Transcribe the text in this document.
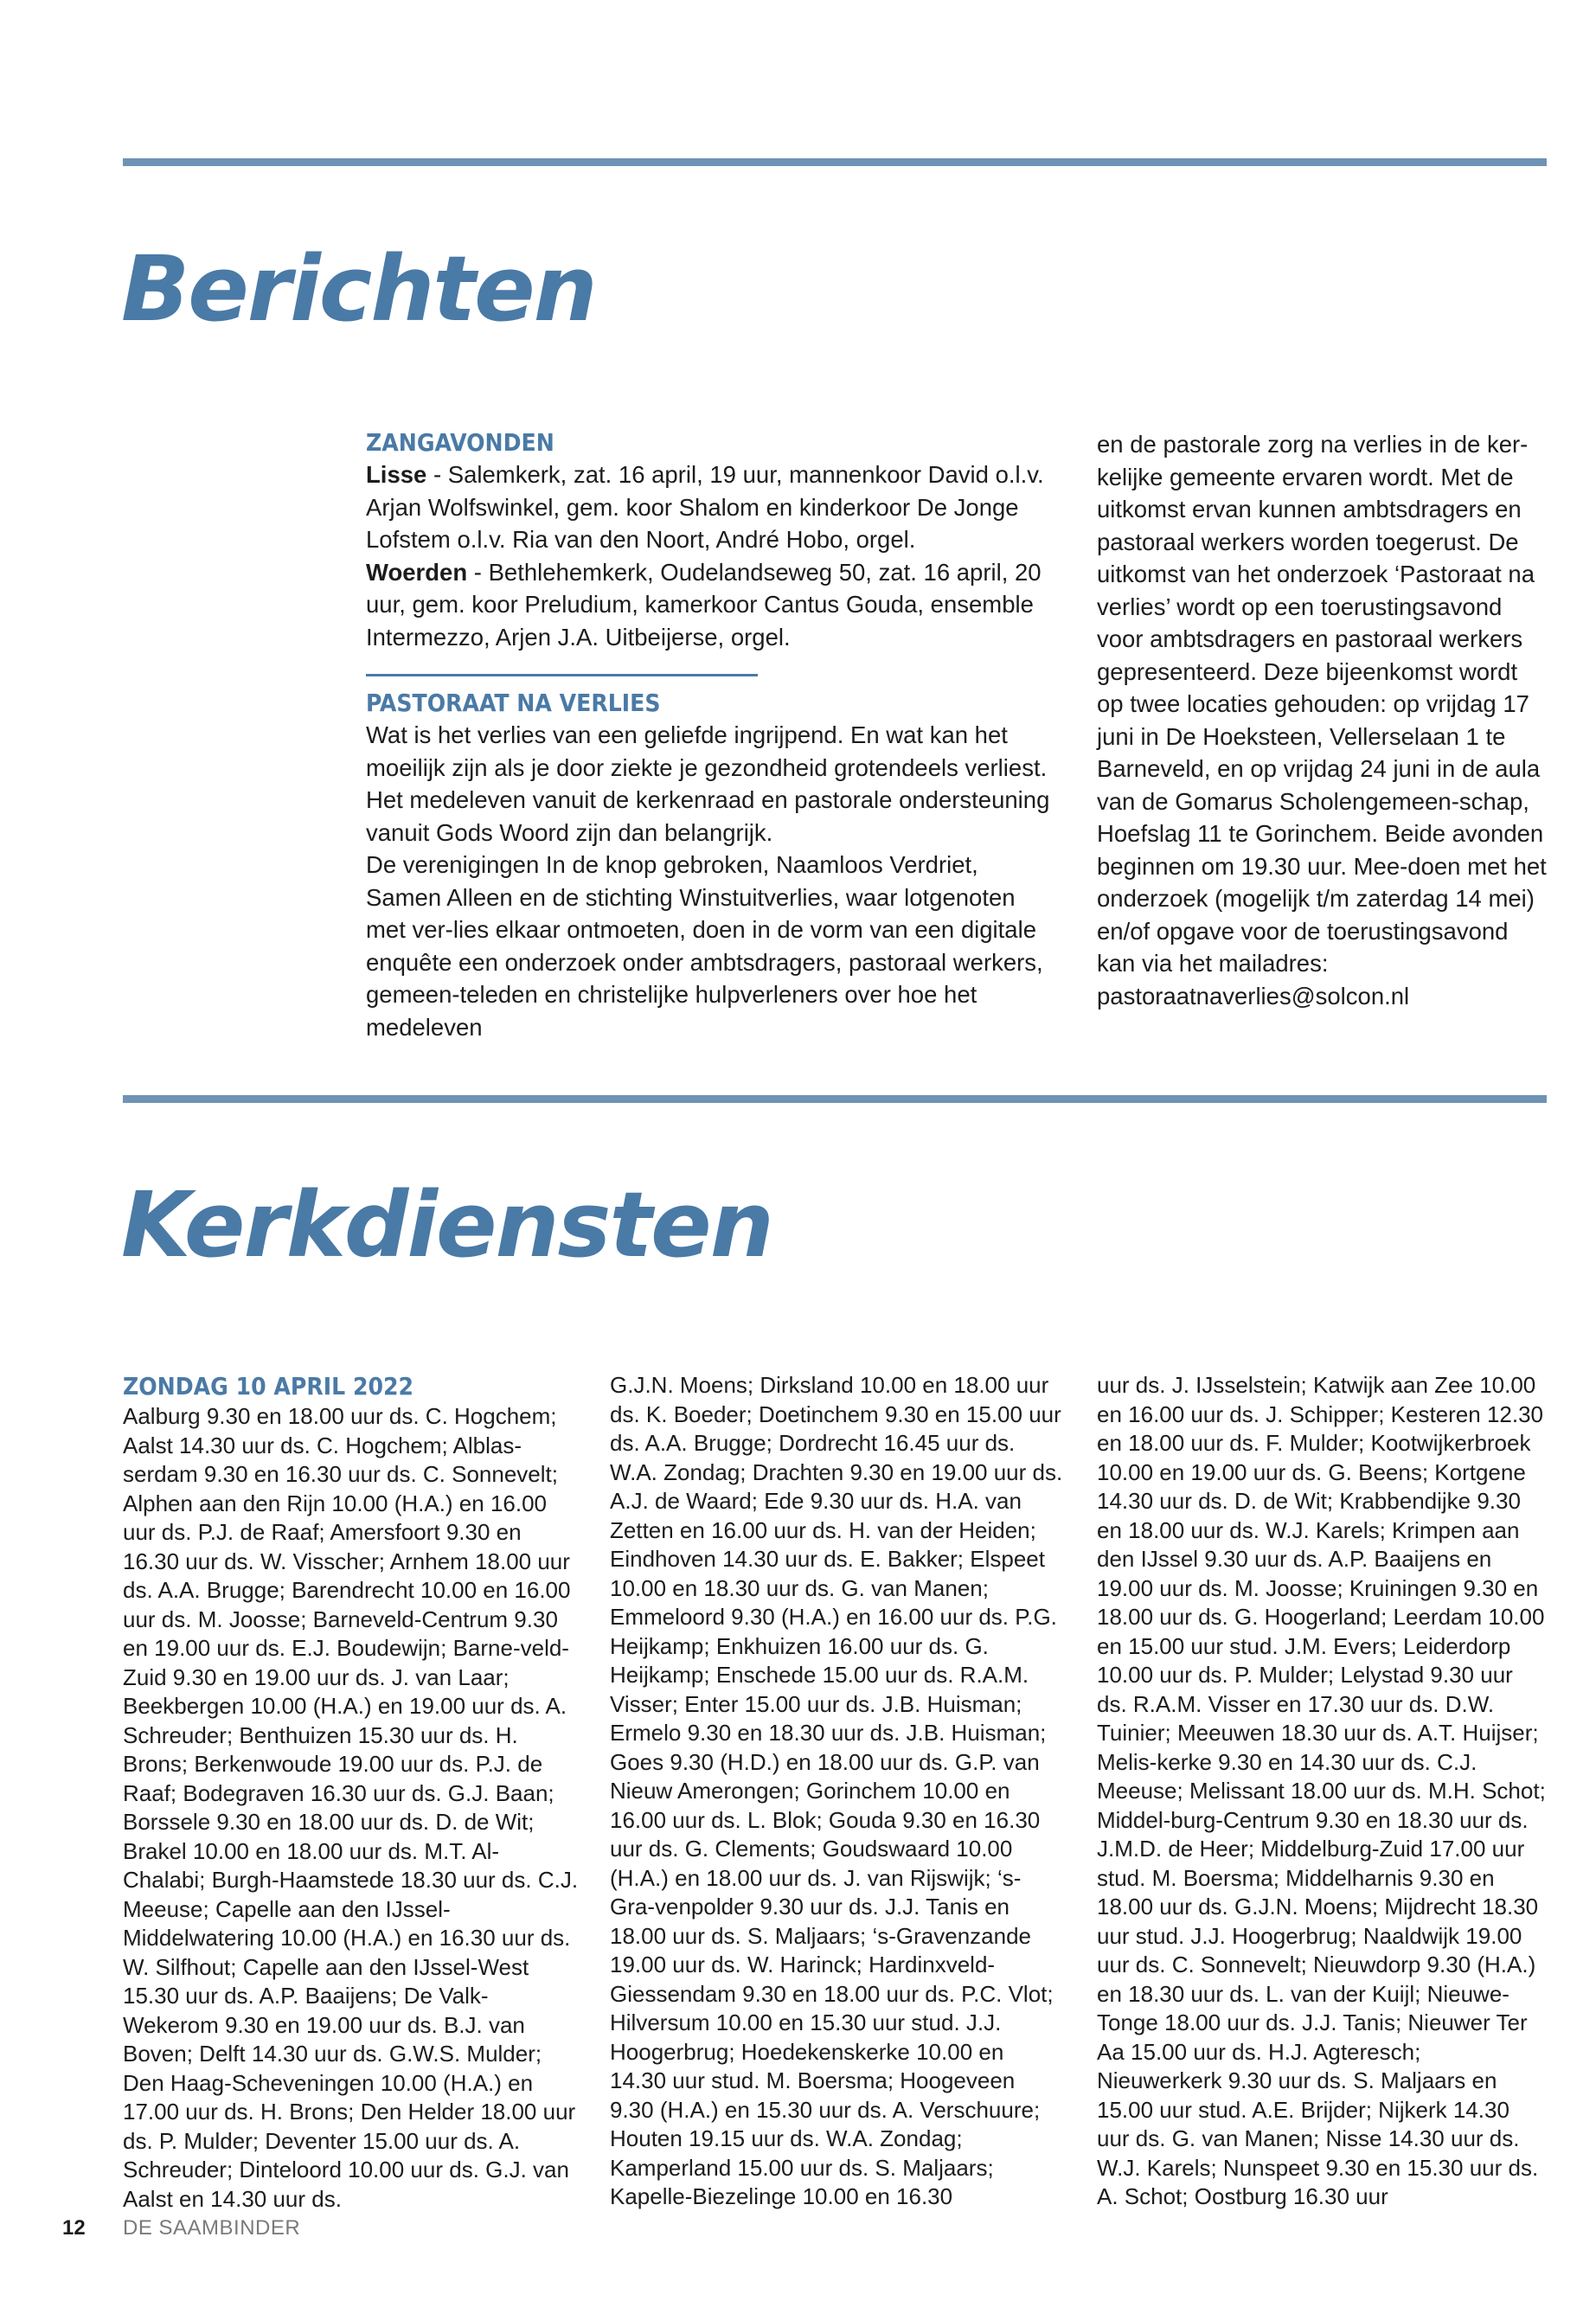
Berichten
ZANGAVONDEN

Lisse - Salemkerk, zat. 16 april, 19 uur, mannenkoor David o.l.v. Arjan Wolfswinkel, gem. koor Shalom en kinderkoor De Jonge Lofstem o.l.v. Ria van den Noort, André Hobo, orgel.

Woerden - Bethlehemkerk, Oudelandseweg 50, zat. 16 april, 20 uur, gem. koor Preludium, kamerkoor Cantus Gouda, ensemble Intermezzo, Arjen J.A. Uitbeijerse, orgel.

PASTORAAT NA VERLIES

Wat is het verlies van een geliefde ingrijpend. En wat kan het moeilijk zijn als je door ziekte je gezondheid grotendeels verliest. Het medeleven vanuit de kerkenraad en pastorale ondersteuning vanuit Gods Woord zijn dan belangrijk.

De verenigingen In de knop gebroken, Naamloos Verdriet, Samen Alleen en de stichting Winstuitverlies, waar lotgenoten met ver-lies elkaar ontmoeten, doen in de vorm van een digitale enquête een onderzoek onder ambtsdragers, pastoraal werkers, gemeen-teleden en christelijke hulpverleners over hoe het medeleven

en de pastorale zorg na verlies in de ker-kelijke gemeente ervaren wordt. Met de uitkomst ervan kunnen ambtsdragers en pastoraal werkers worden toegerust. De uitkomst van het onderzoek ‘Pastoraat na verlies’ wordt op een toerustingsavond voor ambtsdragers en pastoraal werkers gepresenteerd. Deze bijeenkomst wordt op twee locaties gehouden: op vrijdag 17 juni in De Hoeksteen, Vellerselaan 1 te Barneveld, en op vrijdag 24 juni in de aula van de Gomarus Scholengemeen-schap, Hoefslag 11 te Gorinchem. Beide avonden beginnen om 19.30 uur. Mee-doen met het onderzoek (mogelijk t/m zaterdag 14 mei) en/of opgave voor de toerustingsavond kan via het mailadres: pastoraatnaverlies@solcon.nl

Kerkdiensten
ZONDAG 10 APRIL 2022

Aalburg 9.30 en 18.00 uur ds. C. Hogchem; Aalst 14.30 uur ds. C. Hogchem; Alblas-serdam 9.30 en 16.30 uur ds. C. Sonnevelt; Alphen aan den Rijn 10.00 (H.A.) en 16.00 uur ds. P.J. de Raaf; Amersfoort 9.30 en 16.30 uur ds. W. Visscher; Arnhem 18.00 uur ds. A.A. Brugge; Barendrecht 10.00 en 16.00 uur ds. M. Joosse; Barneveld-Centrum 9.30 en 19.00 uur ds. E.J. Boudewijn; Barne-veld-Zuid 9.30 en 19.00 uur ds. J. van Laar; Beekbergen 10.00 (H.A.) en 19.00 uur ds. A. Schreuder; Benthuizen 15.30 uur ds. H. Brons; Berkenwoude 19.00 uur ds. P.J. de Raaf; Bodegraven 16.30 uur ds. G.J. Baan; Borssele 9.30 en 18.00 uur ds. D. de Wit; Brakel 10.00 en 18.00 uur ds. M.T. Al-Chalabi; Burgh-Haamstede 18.30 uur ds. C.J. Meeuse; Capelle aan den IJssel-Middelwatering 10.00 (H.A.) en 16.30 uur ds. W. Silfhout; Capelle aan den IJssel-West 15.30 uur ds. A.P. Baaijens; De Valk-Wekerom 9.30 en 19.00 uur ds. B.J. van Boven; Delft 14.30 uur ds. G.W.S. Mulder; Den Haag-Scheveningen 10.00 (H.A.) en 17.00 uur ds. H. Brons; Den Helder 18.00 uur ds. P. Mulder; Deventer 15.00 uur ds. A. Schreuder; Dinteloord 10.00 uur ds. G.J. van Aalst en 14.30 uur ds.

G.J.N. Moens; Dirksland 10.00 en 18.00 uur ds. K. Boeder; Doetinchem 9.30 en 15.00 uur ds. A.A. Brugge; Dordrecht 16.45 uur ds. W.A. Zondag; Drachten 9.30 en 19.00 uur ds. A.J. de Waard; Ede 9.30 uur ds. H.A. van Zetten en 16.00 uur ds. H. van der Heiden; Eindhoven 14.30 uur ds. E. Bakker; Elspeet 10.00 en 18.30 uur ds. G. van Manen; Emmeloord 9.30 (H.A.) en 16.00 uur ds. P.G. Heijkamp; Enkhuizen 16.00 uur ds. G. Heijkamp; Enschede 15.00 uur ds. R.A.M. Visser; Enter 15.00 uur ds. J.B. Huisman; Ermelo 9.30 en 18.30 uur ds. J.B. Huisman; Goes 9.30 (H.D.) en 18.00 uur ds. G.P. van Nieuw Amerongen; Gorinchem 10.00 en 16.00 uur ds. L. Blok; Gouda 9.30 en 16.30 uur ds. G. Clements; Goudswaard 10.00 (H.A.) en 18.00 uur ds. J. van Rijswijk; ‘s-Gra-venpolder 9.30 uur ds. J.J. Tanis en 18.00 uur ds. S. Maljaars; ‘s-Gravenzande 19.00 uur ds. W. Harinck; Hardinxveld-Giessendam 9.30 en 18.00 uur ds. P.C. Vlot; Hilversum 10.00 en 15.30 uur stud. J.J. Hoogerbrug; Hoedekenskerke 10.00 en 14.30 uur stud. M. Boersma; Hoogeveen 9.30 (H.A.) en 15.30 uur ds. A. Verschuure; Houten 19.15 uur ds. W.A. Zondag; Kamperland 15.00 uur ds. S. Maljaars; Kapelle-Biezelinge 10.00 en 16.30

uur ds. J. IJsselstein; Katwijk aan Zee 10.00 en 16.00 uur ds. J. Schipper; Kesteren 12.30 en 18.00 uur ds. F. Mulder; Kootwijkerbroek 10.00 en 19.00 uur ds. G. Beens; Kortgene 14.30 uur ds. D. de Wit; Krabbendijke 9.30 en 18.00 uur ds. W.J. Karels; Krimpen aan den IJssel 9.30 uur ds. A.P. Baaijens en 19.00 uur ds. M. Joosse; Kruiningen 9.30 en 18.00 uur ds. G. Hoogerland; Leerdam 10.00 en 15.00 uur stud. J.M. Evers; Leiderdorp 10.00 uur ds. P. Mulder; Lelystad 9.30 uur ds. R.A.M. Visser en 17.30 uur ds. D.W. Tuinier; Meeuwen 18.30 uur ds. A.T. Huijser; Melis-kerke 9.30 en 14.30 uur ds. C.J. Meeuse; Melissant 18.00 uur ds. M.H. Schot; Middel-burg-Centrum 9.30 en 18.30 uur ds. J.M.D. de Heer; Middelburg-Zuid 17.00 uur stud. M. Boersma; Middelharnis 9.30 en 18.00 uur ds. G.J.N. Moens; Mijdrecht 18.30 uur stud. J.J. Hoogerbrug; Naaldwijk 19.00 uur ds. C. Sonnevelt; Nieuwdorp 9.30 (H.A.) en 18.30 uur ds. L. van der Kuijl; Nieuwe-Tonge 18.00 uur ds. J.J. Tanis; Nieuwer Ter Aa 15.00 uur ds. H.J. Agteresch; Nieuwerkerk 9.30 uur ds. S. Maljaars en 15.00 uur stud. A.E. Brijder; Nijkerk 14.30 uur ds. G. van Manen; Nisse 14.30 uur ds. W.J. Karels; Nunspeet 9.30 en 15.30 uur ds. A. Schot; Oostburg 16.30 uur

12 DE SAAMBINDER
